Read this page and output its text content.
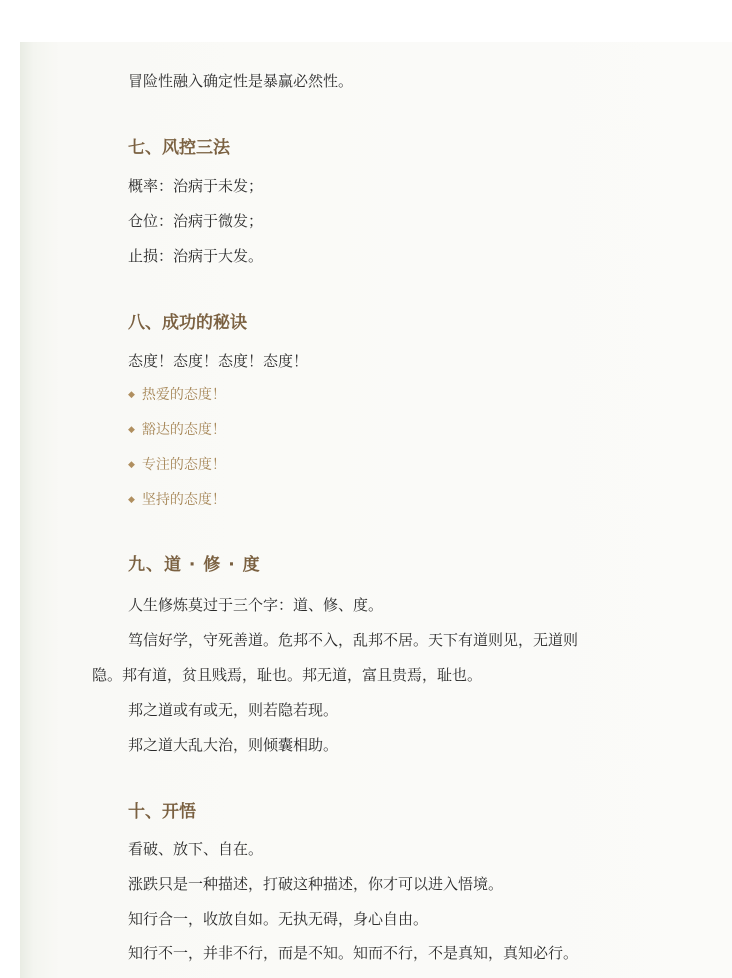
冒险性融入确定性是暴赢必然性。
七、风控三法
概率：治病于未发；
仓位：治病于微发；
止损：治病于大发。
八、成功的秘诀
态度！态度！态度！态度！
◆ 热爱的态度！
◆ 豁达的态度！
◆ 专注的态度！
◆ 坚持的态度！
九、道 · 修 · 度
人生修炼莫过于三个字：道、修、度。
笃信好学，守死善道。危邦不入，乱邦不居。天下有道则见，无道则
隐。邦有道，贫且贱焉，耻也。邦无道，富且贵焉，耻也。
邦之道或有或无，则若隐若现。
邦之道大乱大治，则倾囊相助。
十、开悟
看破、放下、自在。
涨跌只是一种描述，打破这种描述，你才可以进入悟境。
知行合一，收放自如。无执无碍，身心自由。
知行不一，并非不行，而是不知。知而不行，不是真知，真知必行。
